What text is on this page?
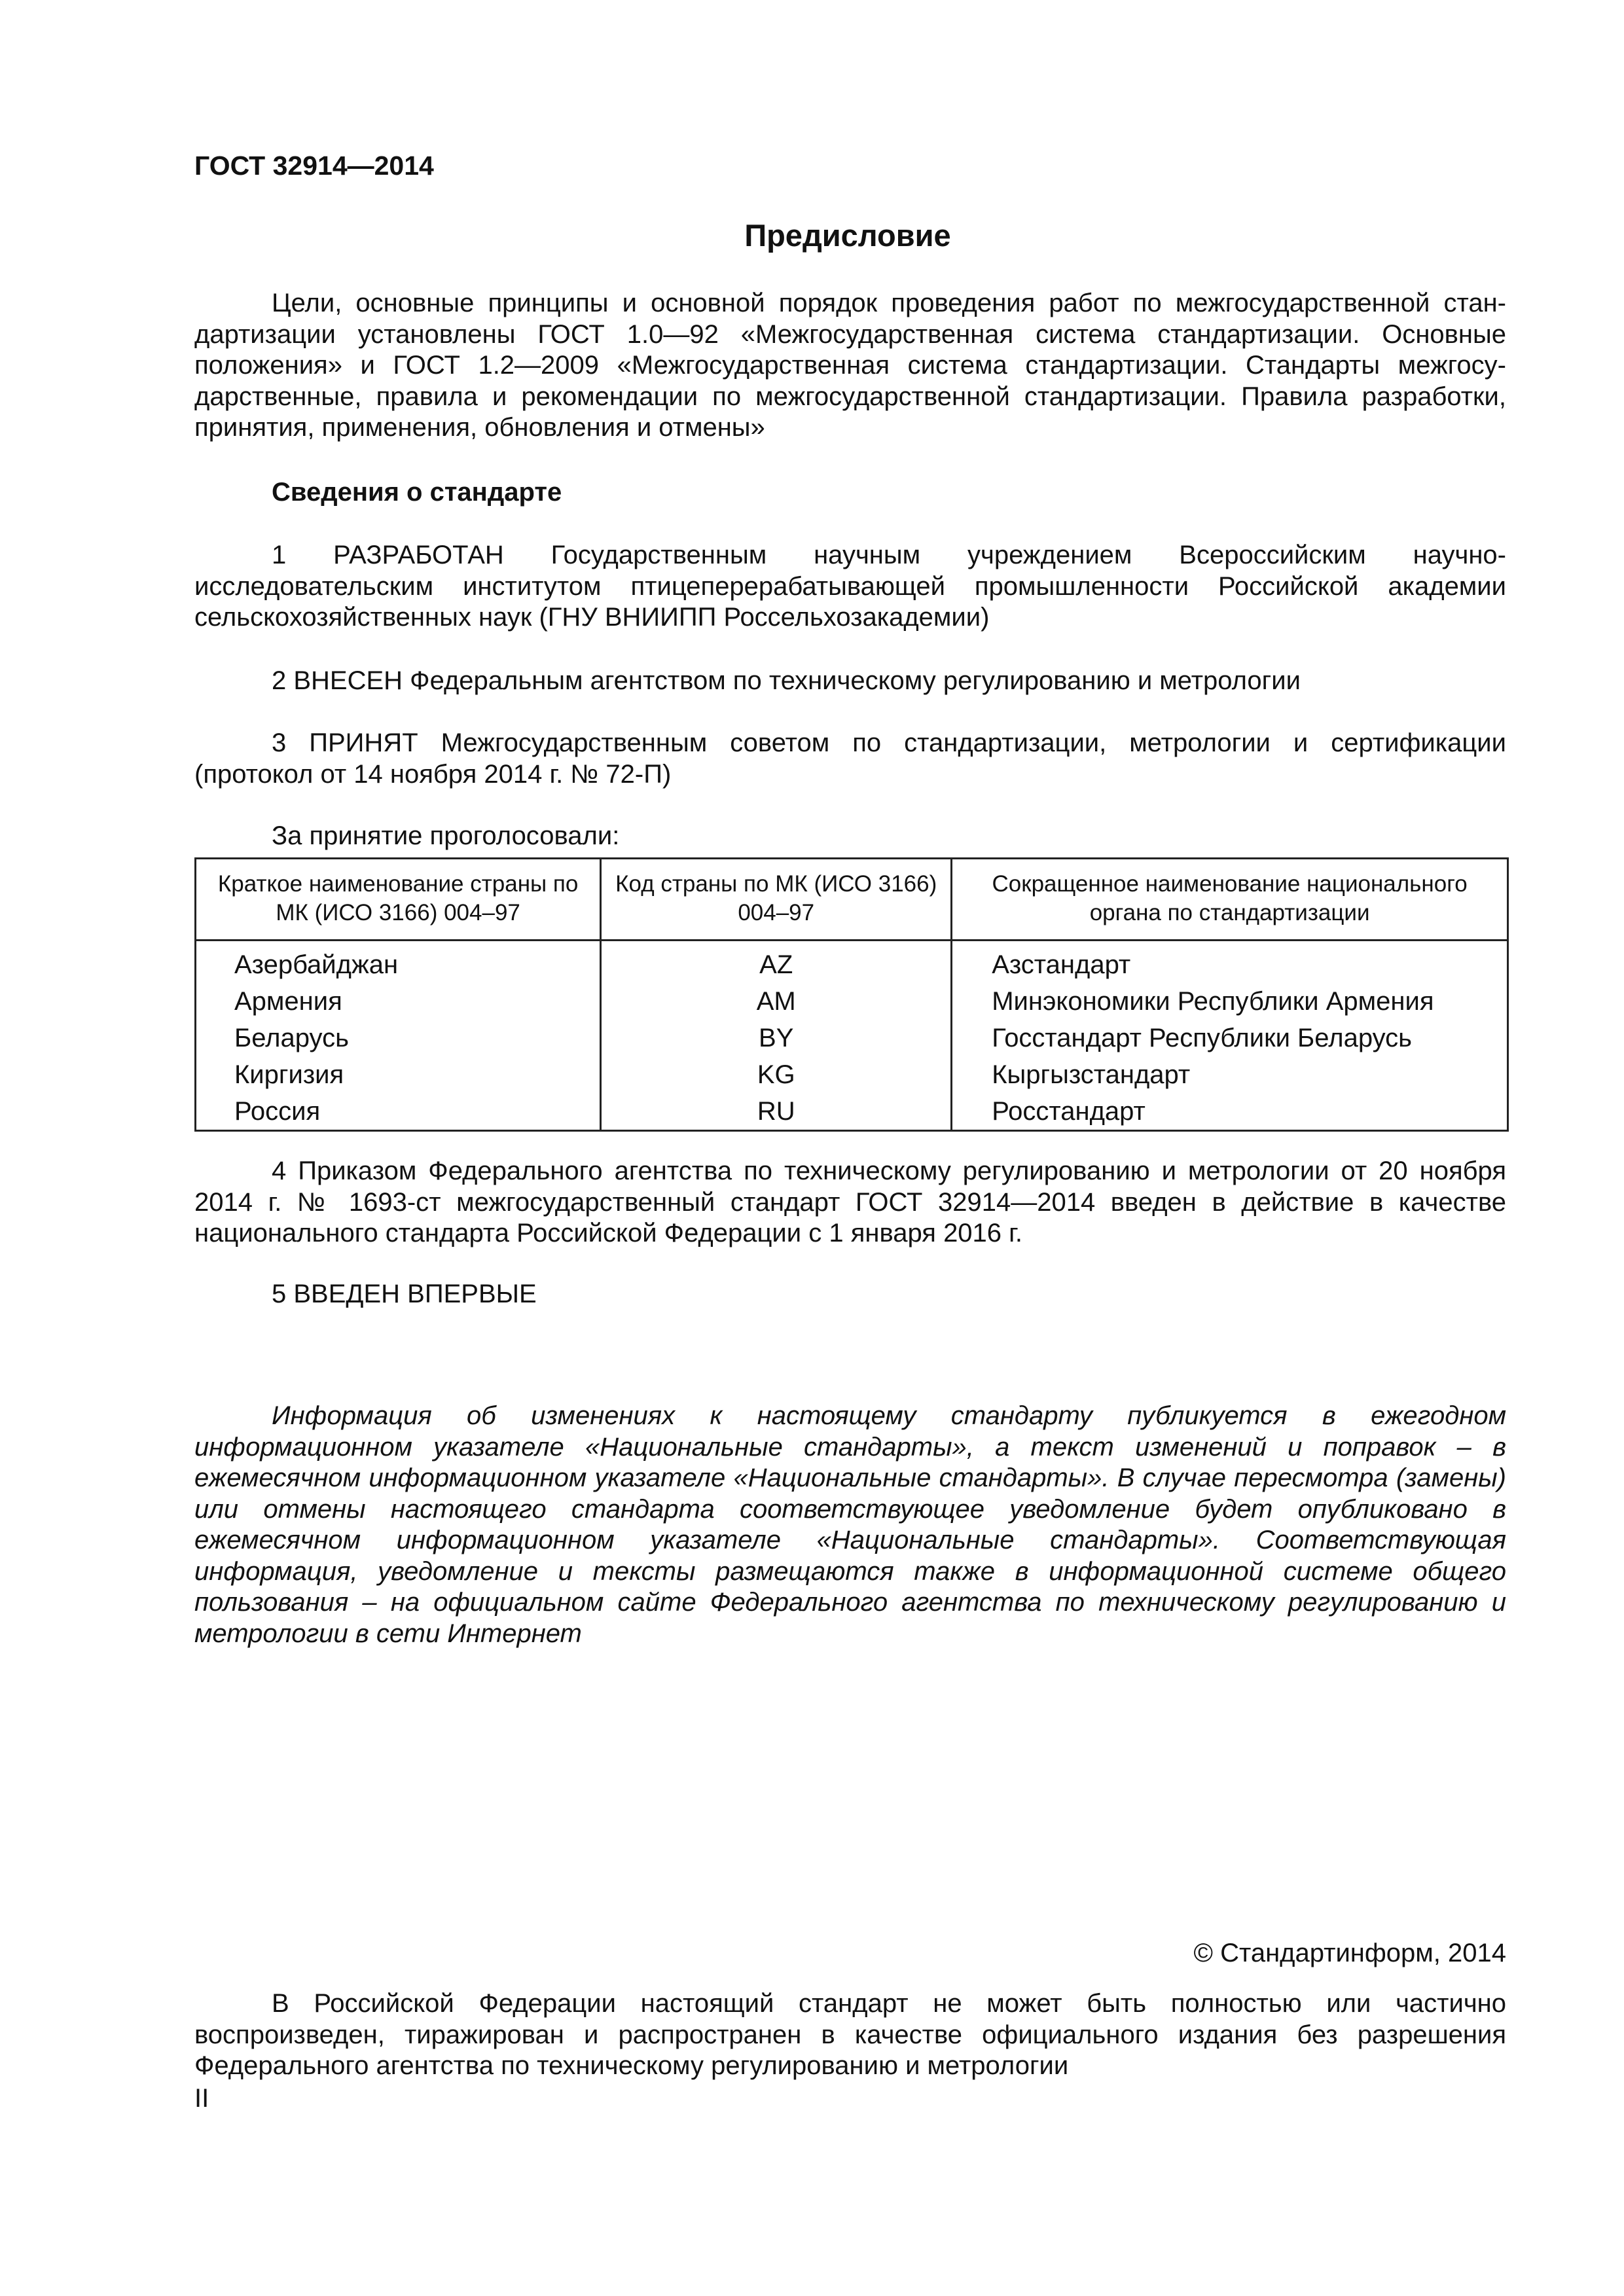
ГОСТ 32914—2014
Предисловие
Цели, основные принципы и основной порядок проведения работ по межгосударственной стан-дартизации установлены ГОСТ 1.0—92 «Межгосударственная система стандартизации. Основные положения» и ГОСТ 1.2—2009 «Межгосударственная система стандартизации. Стандарты межгосу-дарственные, правила и рекомендации по межгосударственной стандартизации. Правила разработки, принятия, применения, обновления и отмены»
Сведения о стандарте
1 РАЗРАБОТАН Государственным научным учреждением Всероссийским научно-исследовательским институтом птицеперерабатывающей промышленности Российской академии сельскохозяйственных наук (ГНУ ВНИИПП Россельхозакадемии)
2 ВНЕСЕН Федеральным агентством по техническому регулированию и метрологии
3 ПРИНЯТ Межгосударственным советом по стандартизации, метрологии и сертификации (протокол от 14 ноября 2014 г. № 72-П)
За принятие проголосовали:
Краткое наименование страны по МК (ИСО 3166) 004–97	Код страны по МК (ИСО 3166) 004–97	Сокращенное наименование национального органа по стандартизации
Азербайджан	AZ	Азстандарт
Армения	AM	Минэкономики Республики Армения
Беларусь	BY	Госстандарт Республики Беларусь
Киргизия	KG	Кыргызстандарт
Россия	RU	Росстандарт
4 Приказом Федерального агентства по техническому регулированию и метрологии от 20 ноября 2014 г. № 1693-ст межгосударственный стандарт ГОСТ 32914—2014 введен в действие в качестве национального стандарта Российской Федерации с 1 января 2016 г.
5 ВВЕДЕН ВПЕРВЫЕ
Информация об изменениях к настоящему стандарту публикуется в ежегодном информационном указателе «Национальные стандарты», а текст изменений и поправок – в ежемесячном информационном указателе «Национальные стандарты». В случае пересмотра (замены) или отмены настоящего стандарта соответствующее уведомление будет опубликовано в ежемесячном информационном указателе «Национальные стандарты». Соответствующая информация, уведомление и тексты размещаются также в информационной системе общего пользования – на официальном сайте Федерального агентства по техническому регулированию и метрологии в сети Интернет
© Стандартинформ, 2014
В Российской Федерации настоящий стандарт не может быть полностью или частично воспроизведен, тиражирован и распространен в качестве официального издания без разрешения Федерального агентства по техническому регулированию и метрологии
II
